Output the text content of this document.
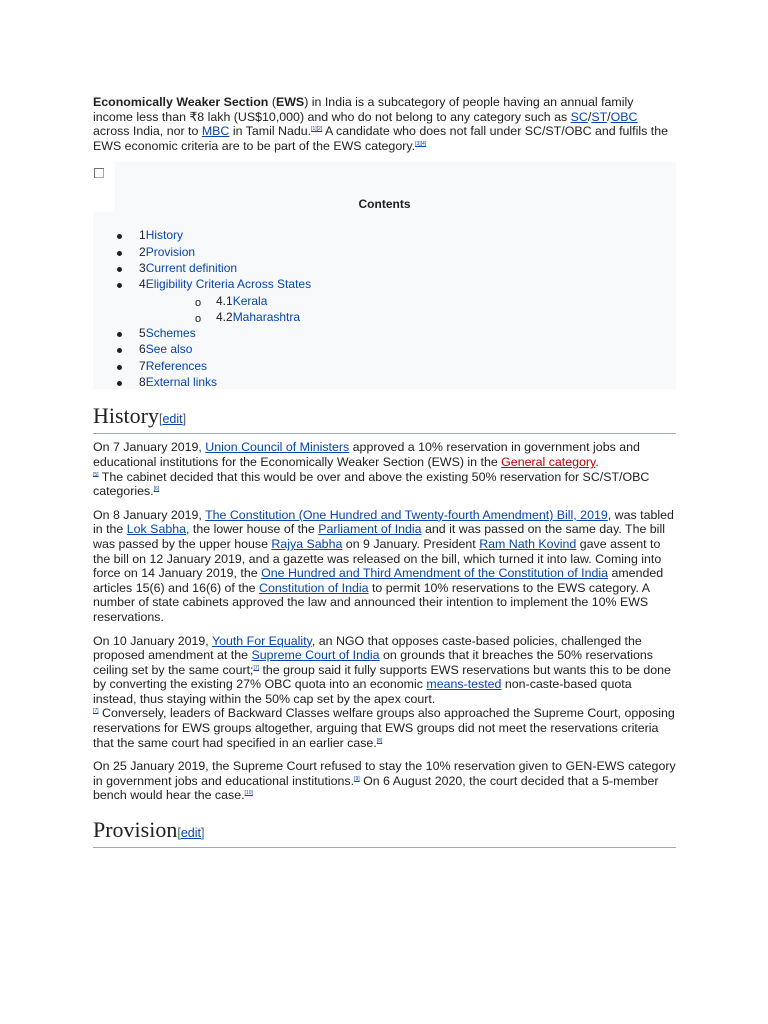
Economically Weaker Section (EWS) in India is a subcategory of people having an annual family income less than ₹8 lakh (US$10,000) and who do not belong to any category such as SC/ST/OBC across India, nor to MBC in Tamil Nadu.[1][2] A candidate who does not fall under SC/ST/OBC and fulfils the EWS economic criteria are to be part of the EWS category.[3][4]

Contents
1History
2Provision
3Current definition
4Eligibility Criteria Across States
o 4.1Kerala
o 4.2Maharashtra
5Schemes
6See also
7References
8External links
History[edit]

On 7 January 2019, Union Council of Ministers approved a 10% reservation in government jobs and educational institutions for the Economically Weaker Section (EWS) in the General category.
[5] The cabinet decided that this would be over and above the existing 50% reservation for SC/ST/OBC categories.[6]

On 8 January 2019, The Constitution (One Hundred and Twenty-fourth Amendment) Bill, 2019, was tabled in the Lok Sabha, the lower house of the Parliament of India and it was passed on the same day. The bill was passed by the upper house Rajya Sabha on 9 January. President Ram Nath Kovind gave assent to the bill on 12 January 2019, and a gazette was released on the bill, which turned it into law. Coming into force on 14 January 2019, the One Hundred and Third Amendment of the Constitution of India amended articles 15(6) and 16(6) of the Constitution of India to permit 10% reservations to the EWS category. A number of state cabinets approved the law and announced their intention to implement the 10% EWS reservations.

On 10 January 2019, Youth For Equality, an NGO that opposes caste-based policies, challenged the proposed amendment at the Supreme Court of India on grounds that it breaches the 50% reservations ceiling set by the same court;[7] the group said it fully supports EWS reservations but wants this to be done by converting the existing 27% OBC quota into an economic means-tested non-caste-based quota instead, thus staying within the 50% cap set by the apex court.
[7] Conversely, leaders of Backward Classes welfare groups also approached the Supreme Court, opposing reservations for EWS groups altogether, arguing that EWS groups did not meet the reservations criteria that the same court had specified in an earlier case.[8]

On 25 January 2019, the Supreme Court refused to stay the 10% reservation given to GEN-EWS category in government jobs and educational institutions.[9] On 6 August 2020, the court decided that a 5-member bench would hear the case.[10]

Provision[edit]
